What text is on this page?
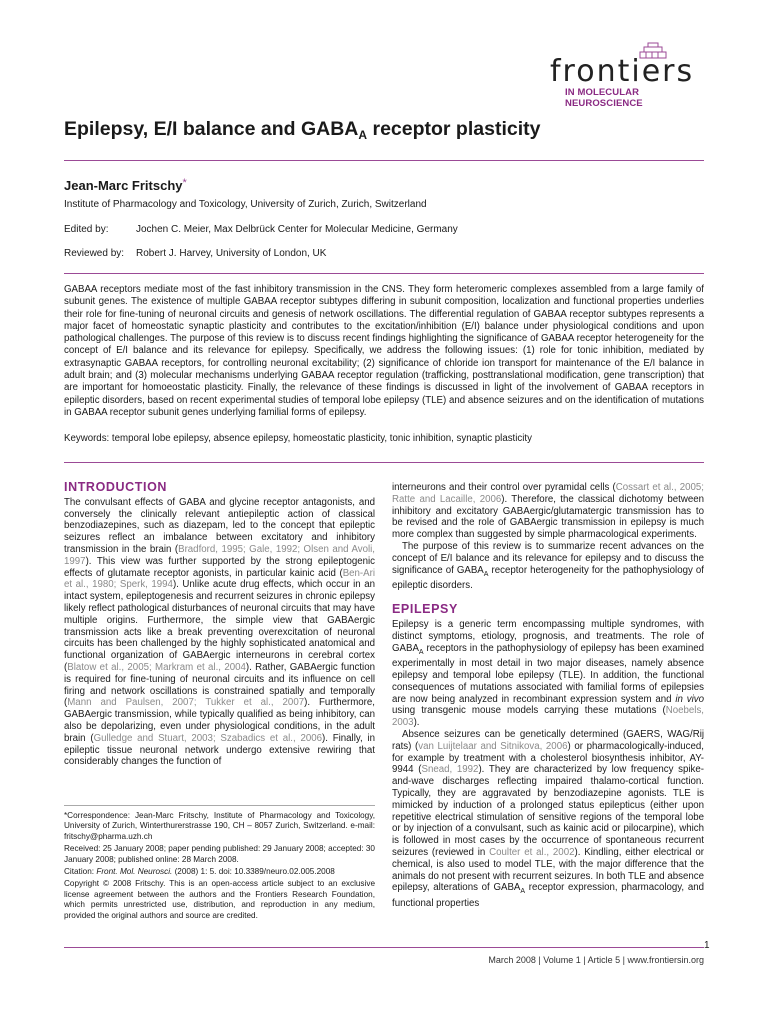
frontiers
IN MOLECULAR NEUROSCIENCE
Epilepsy, E/I balance and $GABA_A$ receptor plasticity
Jean-Marc Fritschy*
Institute of Pharmacology and Toxicology, University of Zurich, Zurich, Switzerland
Edited by:	Jochen C. Meier, Max Delbrück Center for Molecular Medicine, Germany
Reviewed by: Robert J. Harvey, University of London, UK
GABAA receptors mediate most of the fast inhibitory transmission in the CNS. They form heteromeric complexes assembled from a large family of subunit genes. The existence of multiple GABAA receptor subtypes differing in subunit composition, localization and functional properties underlies their role for fine-tuning of neuronal circuits and genesis of network oscillations. The differential regulation of GABAA receptor subtypes represents a major facet of homeostatic synaptic plasticity and contributes to the excitation/inhibition (E/I) balance under physiological conditions and upon pathological challenges. The purpose of this review is to discuss recent findings highlighting the significance of GABAA receptor heterogeneity for the concept of E/I balance and its relevance for epilepsy. Specifically, we address the following issues: (1) role for tonic inhibition, mediated by extrasynaptic GABAA receptors, for controlling neuronal excitability; (2) significance of chloride ion transport for maintenance of the E/I balance in adult brain; and (3) molecular mechanisms underlying GABAA receptor regulation (trafficking, posttranslational modification, gene transcription) that are important for homoeostatic plasticity. Finally, the relevance of these findings is discussed in light of the involvement of GABAA receptors in epileptic disorders, based on recent experimental studies of temporal lobe epilepsy (TLE) and absence seizures and on the identification of mutations in GABAA receptor subunit genes underlying familial forms of epilepsy.
Keywords: temporal lobe epilepsy, absence epilepsy, homeostatic plasticity, tonic inhibition, synaptic plasticity
INTRODUCTION

The convulsant effects of GABA and glycine receptor antagonists, and conversely the clinically relevant antiepileptic action of classical benzodiazepines, such as diazepam, led to the concept that epileptic seizures reflect an imbalance between excitatory and inhibitory transmission in the brain (Bradford, 1995; Gale, 1992; Olsen and Avoli, 1997). This view was further supported by the strong epileptogenic effects of glutamate receptor agonists, in particular kainic acid (Ben-Ari et al., 1980; Sperk, 1994). Unlike acute drug effects, which occur in an intact system, epileptogenesis and recurrent seizures in chronic epilepsy likely reflect pathological disturbances of neuronal circuits that may have multiple origins. Furthermore, the simple view that GABAergic transmission acts like a break preventing overexcitation of neuronal circuits has been challenged by the highly sophisticated anatomical and functional organization of GABAergic interneurons in cerebral cortex (Blatow et al., 2005; Markram et al., 2004). Rather, GABAergic function is required for fine-tuning of neuronal circuits and its influence on cell firing and network oscillations is constrained spatially and temporally (Mann and Paulsen, 2007; Tukker et al., 2007). Furthermore, GABAergic transmission, while typically qualified as being inhibitory, can also be depolarizing, even under physiological conditions, in the adult brain (Gulledge and Stuart, 2003; Szabadics et al., 2006). Finally, in epileptic tissue neuronal network undergo extensive rewiring that considerably changes the function of

*Correspondence: Jean-Marc Fritschy, Institute of Pharmacology and Toxicology, University of Zurich, Winterthurerstrasse 190, CH – 8057 Zurich, Switzerland. e-mail: fritschy@pharma.uzh.ch

Received: 25 January 2008; paper pending published: 29 January 2008; accepted: 30 January 2008; published online: 28 March 2008.

Citation: Front. Mol. Neurosci. (2008) 1: 5. doi: 10.3389/neuro.02.005.2008

Copyright © 2008 Fritschy. This is an open-access article subject to an exclusive license agreement between the authors and the Frontiers Research Foundation, which permits unrestricted use, distribution, and reproduction in any medium, provided the original authors and source are credited.

interneurons and their control over pyramidal cells (Cossart et al., 2005; Ratte and Lacaille, 2006). Therefore, the classical dichotomy between inhibitory and excitatory GABAergic/glutamatergic transmission has to be revised and the role of GABAergic transmission in epilepsy is much more complex than suggested by simple pharmacological experiments.

The purpose of this review is to summarize recent advances on the concept of E/I balance and its relevance for epilepsy and to discuss the significance of $GABA_A$ receptor heterogeneity for the pathophysiology of epileptic disorders.

EPILEPSY

Epilepsy is a generic term encompassing multiple syndromes, with distinct symptoms, etiology, prognosis, and treatments. The role of $GABA_A$ receptors in the pathophysiology of epilepsy has been examined experimentally in most detail in two major diseases, namely absence epilepsy and temporal lobe epilepsy (TLE). In addition, the functional consequences of mutations associated with familial forms of epilepsies are now being analyzed in recombinant expression system and in vivo using transgenic mouse models carrying these mutations (Noebels, 2003).

Absence seizures can be genetically determined (GAERS, WAG/Rij rats) (van Luijtelaar and Sitnikova, 2006) or pharmacologically-induced, for example by treatment with a cholesterol biosynthesis inhibitor, AY-9944 (Snead, 1992). They are characterized by low frequency spike-and-wave discharges reflecting impaired thalamo-cortical function. Typically, they are aggravated by benzodiazepine agonists. TLE is mimicked by induction of a prolonged status epilepticus (either upon repetitive electrical stimulation of sensitive regions of the temporal lobe or by injection of a convulsant, such as kainic acid or pilocarpine), which is followed in most cases by the occurrence of spontaneous recurrent seizures (reviewed in Coulter et al., 2002). Kindling, either electrical or chemical, is also used to model TLE, with the major difference that the animals do not present with recurrent seizures. In both TLE and absence epilepsy, alterations of $GABA_A$ receptor expression, pharmacology, and functional properties

1
March 2008 | Volume 1 | Article 5 | www.frontiersin.org
